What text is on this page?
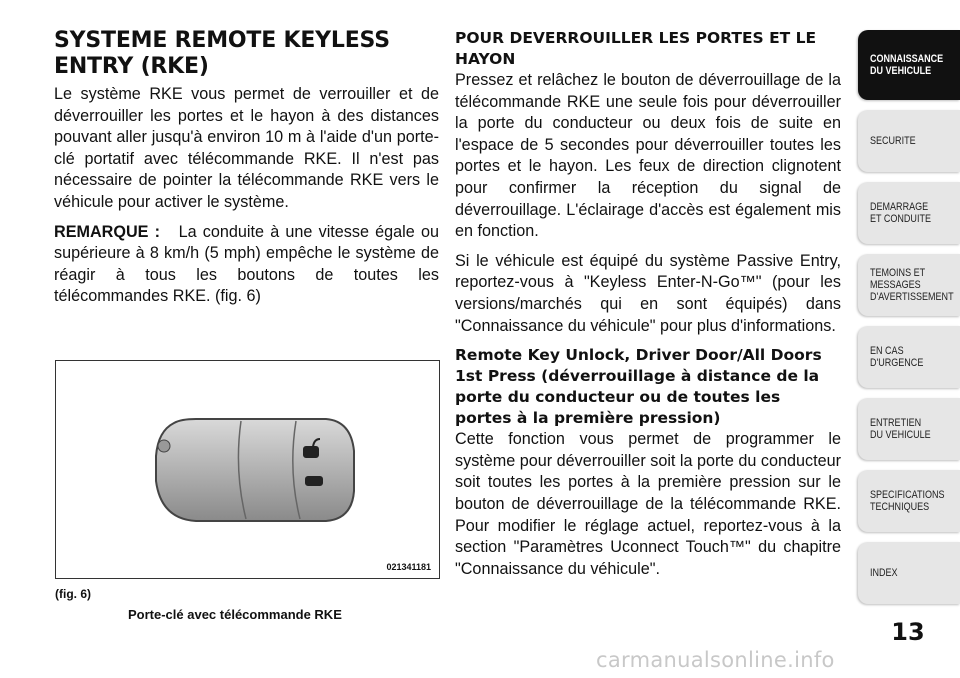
SYSTEME REMOTE KEYLESS ENTRY (RKE)

Le système RKE vous permet de verrouiller et de déverrouiller les portes et le hayon à des distances pouvant aller jusqu'à environ 10 m à l'aide d'un porte-clé portatif avec télécommande RKE. Il n'est pas nécessaire de pointer la télécommande RKE vers le véhicule pour activer le système.

REMARQUE : La conduite à une vitesse égale ou supérieure à 8 km/h (5 mph) empêche le système de réagir à tous les boutons de toutes les télécommandes RKE. (fig. 6)

021341181
(fig. 6)
Porte-clé avec télécommande RKE
POUR DEVERROUILLER LES PORTES ET LE HAYON

Pressez et relâchez le bouton de déverrouillage de la télécommande RKE une seule fois pour déverrouiller la porte du conducteur ou deux fois de suite en l'espace de 5 secondes pour déverrouiller toutes les portes et le hayon. Les feux de direction clignotent pour confirmer la réception du signal de déverrouillage. L'éclairage d'accès est également mis en fonction.

Si le véhicule est équipé du système Passive Entry, reportez-vous à "Keyless Enter-N-Go™" (pour les versions/marchés qui en sont équipés) dans "Connaissance du véhicule" pour plus d'informations.

Remote Key Unlock, Driver Door/All Doors 1st Press (déverrouillage à distance de la porte du conducteur ou de toutes les portes à la première pression)

Cette fonction vous permet de programmer le système pour déverrouiller soit la porte du conducteur soit toutes les portes à la première pression sur le bouton de déverrouillage de la télécommande RKE. Pour modifier le réglage actuel, reportez-vous à la section "Paramètres Uconnect Touch™" du chapitre "Connaissance du véhicule".

CONNAISSANCE
DU VEHICULE
SECURITE
DEMARRAGE
ET CONDUITE
TEMOINS ET
MESSAGES
D'AVERTISSEMENT
EN CAS
D'URGENCE
ENTRETIEN
DU VEHICULE
SPECIFICATIONS
TECHNIQUES
INDEX
13
carmanualsonline.info
